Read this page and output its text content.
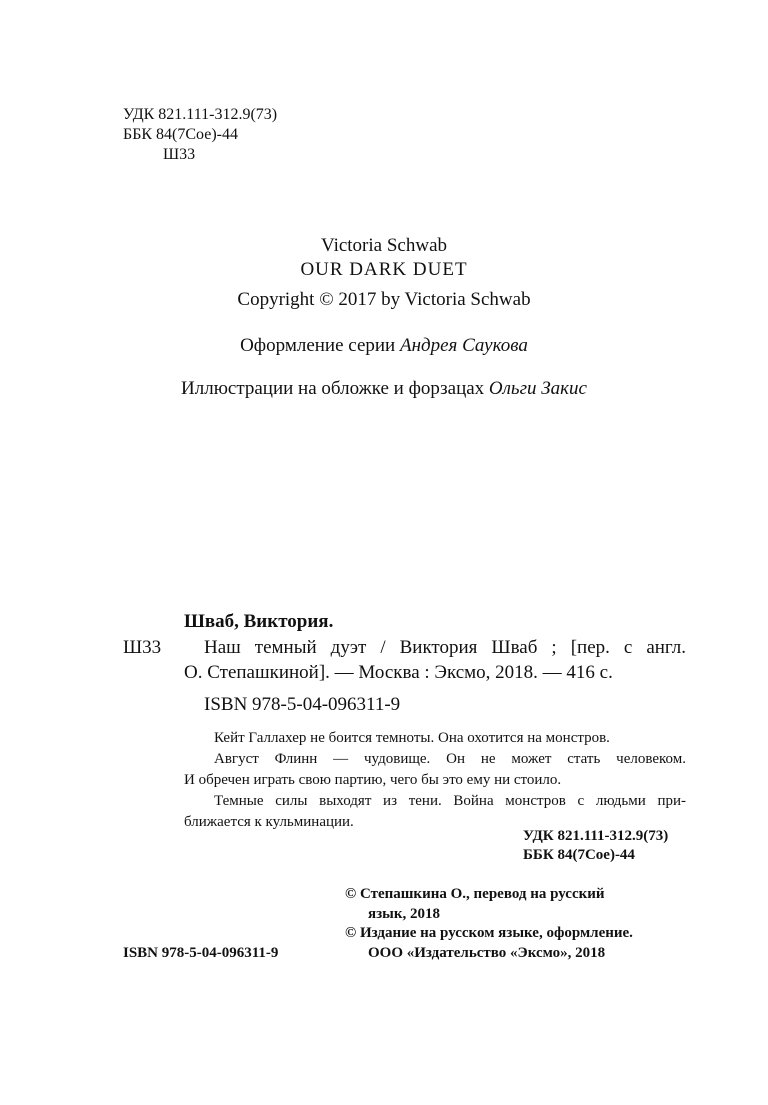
УДК 821.111-312.9(73)
ББК 84(7Сое)-44
Ш33
Victoria Schwab
OUR DARK DUET
Copyright © 2017 by Victoria Schwab
Оформление серии Андрея Саукова
Иллюстрации на обложке и форзацах Ольги Закис
Шваб, Виктория.
Ш33 Наш темный дуэт / Виктория Шваб ; [пер. с англ.
О. Степашкиной]. — Москва : Эксмо, 2018. — 416 с.
ISBN 978-5-04-096311-9
Кейт Галлахер не боится темноты. Она охотится на монстров.
Август Флинн — чудовище. Он не может стать человеком.
И обречен играть свою партию, чего бы это ему ни стоило.
Темные силы выходят из тени. Война монстров с людьми при-
ближается к кульминации.
УДК 821.111-312.9(73)
ББК 84(7Сое)-44
© Степашкина О., перевод на русский
язык, 2018
© Издание на русском языке, оформление.
ISBN 978-5-04-096311-9	ООО «Издательство «Эксмо», 2018
